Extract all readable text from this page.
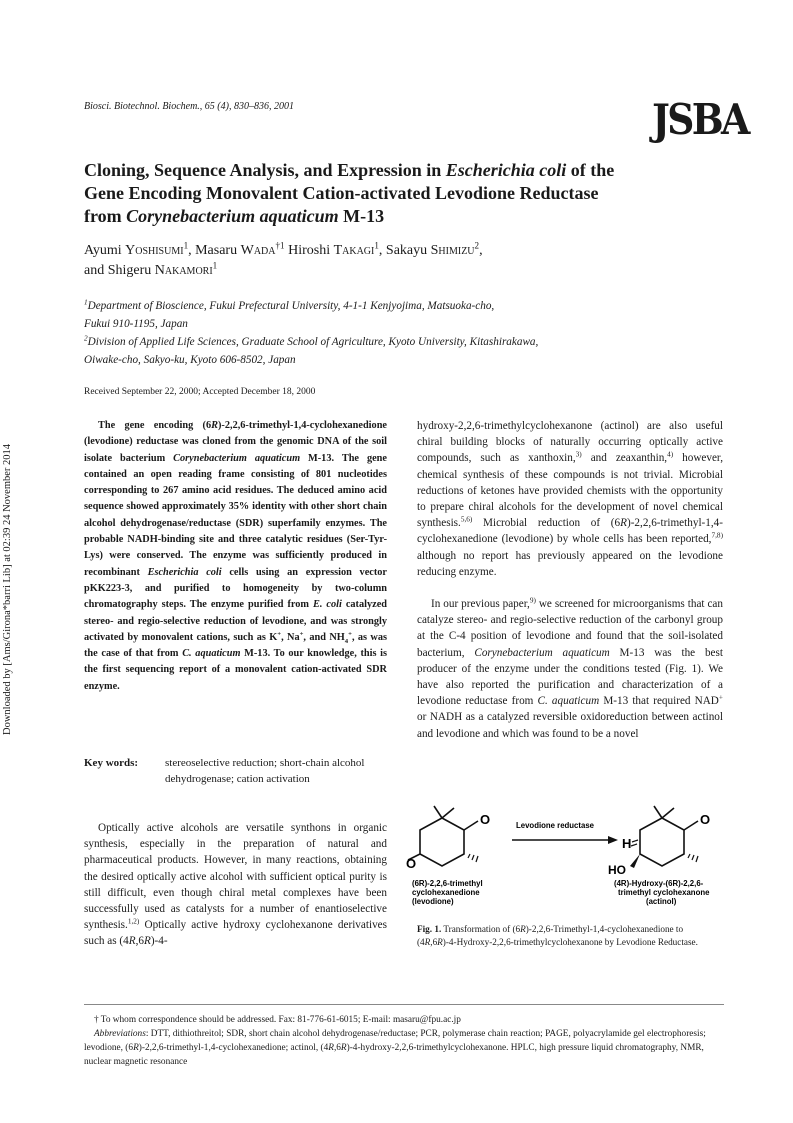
Biosci. Biotechnol. Biochem., 65 (4), 830–836, 2001	JSBA
Downloaded by [Ams/Girona*barri Lib] at 02:39 24 November 2014
Cloning, Sequence Analysis, and Expression in Escherichia coli of the
Gene Encoding Monovalent Cation-activated Levodione Reductase
from Corynebacterium aquaticum M-13
Ayumi Yoshisumi$^1$, Masaru Wada$^{\dagger 1}$ Hiroshi Takagi$^1$, Sakayu Shimizu$^2$,
and Shigeru Nakamori$^1$
$^1$Department of Bioscience, Fukui Prefectural University, 4-1-1 Kenjyojima, Matsuoka-cho,
Fukui 910-1195, Japan
$^2$Division of Applied Life Sciences, Graduate School of Agriculture, Kyoto University, Kitashirakawa,
Oiwake-cho, Sakyo-ku, Kyoto 606-8502, Japan
Received September 22, 2000; Accepted December 18, 2000

The gene encoding (6R)-2,2,6-trimethyl-1,4-cyclohexanedione (levodione) reductase was cloned from the genomic DNA of the soil isolate bacterium Corynebacterium aquaticum M-13. The gene contained an open reading frame consisting of 801 nucleotides corresponding to 267 amino acid residues. The deduced amino acid sequence showed approximately 35% identity with other short chain alcohol dehydrogenase/reductase (SDR) superfamily enzymes. The probable NADH-binding site and three catalytic residues (Ser-Tyr-Lys) were conserved. The enzyme was sufficiently produced in recombinant Escherichia coli cells using an expression vector pKK223-3, and purified to homogeneity by two-column chromatography steps. The enzyme purified from E. coli catalyzed stereo- and regio-selective reduction of levodione, and was strongly activated by monovalent cations, such as K+, Na+, and $NH_4^+$, as was the case of that from C. aquaticum M-13. To our knowledge, this is the first sequencing report of a monovalent cation-activated SDR enzyme.

Key words: stereoselective reduction; short-chain alcohol dehydrogenase; cation activation

Optically active alcohols are versatile synthons in organic synthesis, especially in the preparation of natural and pharmaceutical products. However, in many reactions, obtaining the desired optically active alcohol with sufficient optical purity is still difficult, even though chiral metal complexes have been successfully used as catalysts for a number of enantioselective synthesis.$^{1,2)}$ Optically active hydroxy cyclohexanone derivatives such as (4R,6R)-4-

hydroxy-2,2,6-trimethylcyclohexanone (actinol) are also useful chiral building blocks of naturally occurring optically active compounds, such as xanthoxin,$^{3)}$ and zeaxanthin,$^{4)}$ however, chemical synthesis of these compounds is not trivial. Microbial reductions of ketones have provided chemists with the opportunity to prepare chiral alcohols for the development of novel chemical synthesis.$^{5,6)}$ Microbial reduction of (6R)-2,2,6-trimethyl-1,4-cyclohexanedione (levodione) by whole cells has been reported,$^{7,8)}$ although no report has previously appeared on the levodione reducing enzyme.

In our previous paper,$^{9)}$ we screened for microorganisms that can catalyze stereo- and regio-selective reduction of the carbonyl group at the C-4 position of levodione and found that the soil-isolated bacterium, Corynebacterium aquaticum M-13 was the best producer of the enzyme under the conditions tested (Fig. 1). We have also reported the purification and characterization of a levodione reductase from C. aquaticum M-13 that required NAD+ or NADH as a catalyzed reversible oxidoreduction between actinol and levodione and which was found to be a novel

O
O
O
H
HO
Levodione reductase
(6R)-2,2,6-trimethyl
cyclohexanedione
(levodione)
(4R)-Hydroxy-(6R)-2,2,6-
trimethyl cyclohexanone
(actinol)
Fig. 1. Transformation of (6R)-2,2,6-Trimethyl-1,4-cyclohexanedione to (4R,6R)-4-Hydroxy-2,2,6-trimethylcyclohexanone by Levodione Reductase.

† To whom correspondence should be addressed. Fax: 81-776-61-6015; E-mail: masaru@fpu.ac.jp

Abbreviations: DTT, dithiothreitol; SDR, short chain alcohol dehydrogenase/reductase; PCR, polymerase chain reaction; PAGE, polyacrylamide gel electrophoresis; levodione, (6R)-2,2,6-trimethyl-1,4-cyclohexanedione; actinol, (4R,6R)-4-hydroxy-2,2,6-trimethylcyclohexanone. HPLC, high pressure liquid chromatography, NMR, nuclear magnetic resonance
